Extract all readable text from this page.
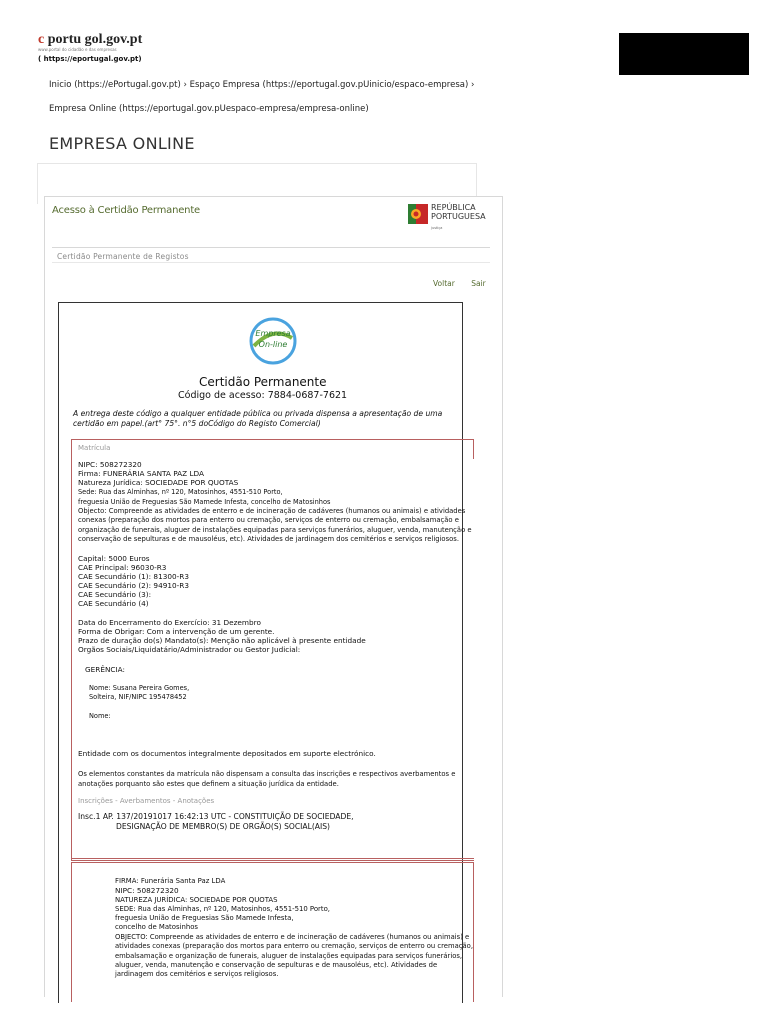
c portu gol.gov.pt
www.portal do cidadão e das empresas
( https://eportugal.gov.pt)
Inicio (https://ePortugal.gov.pt) › Espaço Empresa (https://eportugal.gov.pUinicio/espaco-empresa) ›
Empresa Online (https://eportugal.gov.pUespaco-empresa/empresa-online)
EMPRESA ONLINE
Acesso à Certidão Permanente	REPÚBLICA
PORTUGUESA
justiça
Certidão Permanente de Registos
Voltar Sair
Empresa
On-line
Certidão Permanente
Código de acesso: 7884-0687-7621
A entrega deste código a qualquer entidade pública ou privada dispensa a apresentação de uma certidão em papel.(art° 75°. n°5 doCódigo do Registo Comercial)
Matrícula
NIPC: 508272320
Firma: FUNERÁRIA SANTA PAZ LDA
Natureza Jurídica: SOCIEDADE POR QUOTAS
Sede: Rua das Alminhas, nº 120, Matosinhos, 4551-510 Porto,
freguesia União de Freguesias São Mamede Infesta, concelho de Matosinhos
Objecto: Compreende as atividades de enterro e de incineração de cadáveres (humanos ou animais) e atividades conexas (preparação dos mortos para enterro ou cremação, serviços de enterro ou cremação, embalsamação e organização de funerais, aluguer de instalações equipadas para serviços funerários, aluguer, venda, manutenção e conservação de sepulturas e de mausoléus, etc). Atividades de jardinagem dos cemitérios e serviços religiosos.
Capital: 5000 Euros
CAE Principal: 96030-R3
CAE Secundário (1): 81300-R3
CAE Secundário (2): 94910-R3
CAE Secundário (3):
CAE Secundário (4)
Data do Encerramento do Exercício: 31 Dezembro
Forma de Obrigar: Com a intervenção de um gerente.
Prazo de duração do(s) Mandato(s): Menção não aplicável à presente entidade
Orgãos Sociais/Liquidatário/Administrador ou Gestor Judicial:
GERÊNCIA:
Nome: Susana Pereira Gomes,
Solteira, NIF/NIPC 195478452
Nome:
Entidade com os documentos integralmente depositados em suporte electrónico.
Os elementos constantes da matrícula não dispensam a consulta das inscrições e respectivos averbamentos e anotações porquanto são estes que definem a situação jurídica da entidade.
Inscrições - Averbamentos - Anotações
Insc.1 AP. 137/20191017 16:42:13 UTC - CONSTITUIÇÃO DE SOCIEDADE,
DESIGNAÇÃO DE MEMBRO(S) DE ORGÃO(S) SOCIAL(AIS)
FIRMA: Funerária Santa Paz LDA
NIPC: 508272320
NATUREZA JURÍDICA: SOCIEDADE POR QUOTAS
SEDE: Rua das Alminhas, nº 120, Matosinhos, 4551-510 Porto,
freguesia União de Freguesias São Mamede Infesta,
concelho de Matosinhos
OBJECTO: Compreende as atividades de enterro e de incineração de cadáveres (humanos ou animais) e atividades conexas (preparação dos mortos para enterro ou cremação, serviços de enterro ou cremação, embalsamação e organização de funerais, aluguer de instalações equipadas para serviços funerários, aluguer, venda, manutenção e conservação de sepulturas e de mausoléus, etc). Atividades de jardinagem dos cemitérios e serviços religiosos.
